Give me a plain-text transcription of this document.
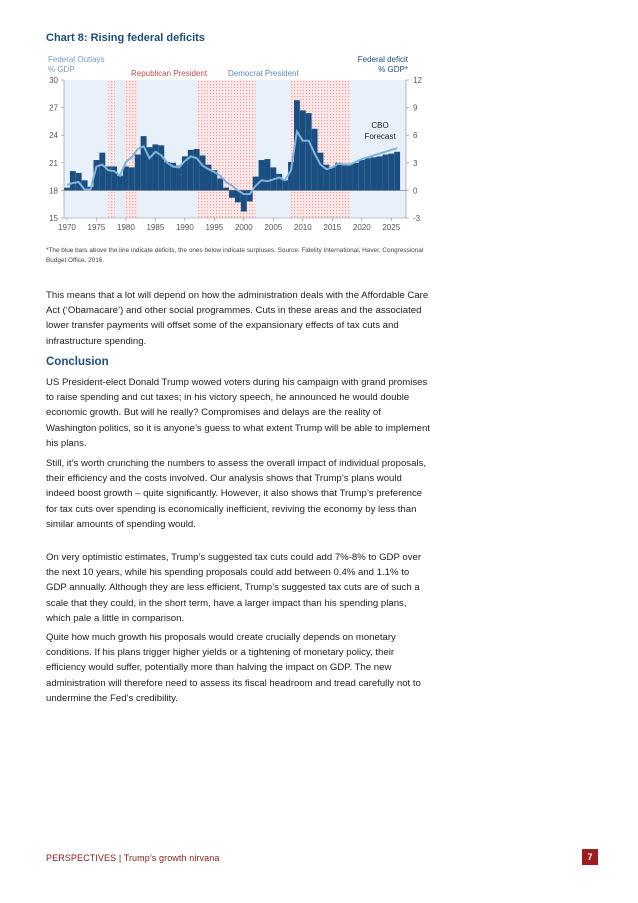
Chart 8: Rising federal deficits
15
18
21
24
27
30
-3
0
3
6
9
12
1970 1975 1980 1985 1990 1995 2000 2005 2010 2015 2020 2025
Federal Outlays
% GDP
Federal deficit
% GDP*
Republican President	Democrat President
CBO
Forecast
*The blue bars above the line indicate deficits, the ones below indicate surpluses. Source: Fidelity International, Haver, Congressional Budget Office, 2016.
This means that a lot will depend on how the administration deals with the Affordable Care Act (‘Obamacare’) and other social programmes. Cuts in these areas and the associated lower transfer payments will offset some of the expansionary effects of tax cuts and infrastructure spending.
Conclusion
US President-elect Donald Trump wowed voters during his campaign with grand promises to raise spending and cut taxes; in his victory speech, he announced he would double economic growth. But will he really? Compromises and delays are the reality of Washington politics, so it is anyone’s guess to what extent Trump will be able to implement his plans.
Still, it’s worth crunching the numbers to assess the overall impact of individual proposals, their efficiency and the costs involved. Our analysis shows that Trump’s plans would indeed boost growth – quite significantly. However, it also shows that Trump’s preference for tax cuts over spending is economically inefficient, reviving the economy by less than similar amounts of spending would.
On very optimistic estimates, Trump’s suggested tax cuts could add 7%-8% to GDP over the next 10 years, while his spending proposals could add between 0.4% and 1.1% to GDP annually. Although they are less efficient, Trump’s suggested tax cuts are of such a scale that they could, in the short term, have a larger impact than his spending plans, which pale a little in comparison.
Quite how much growth his proposals would create crucially depends on monetary conditions. If his plans trigger higher yields or a tightening of monetary policy, their efficiency would suffer, potentially more than halving the impact on GDP. The new administration will therefore need to assess its fiscal headroom and tread carefully not to undermine the Fed’s credibility.
PERSPECTIVES | Trump’s growth nirvana	7
